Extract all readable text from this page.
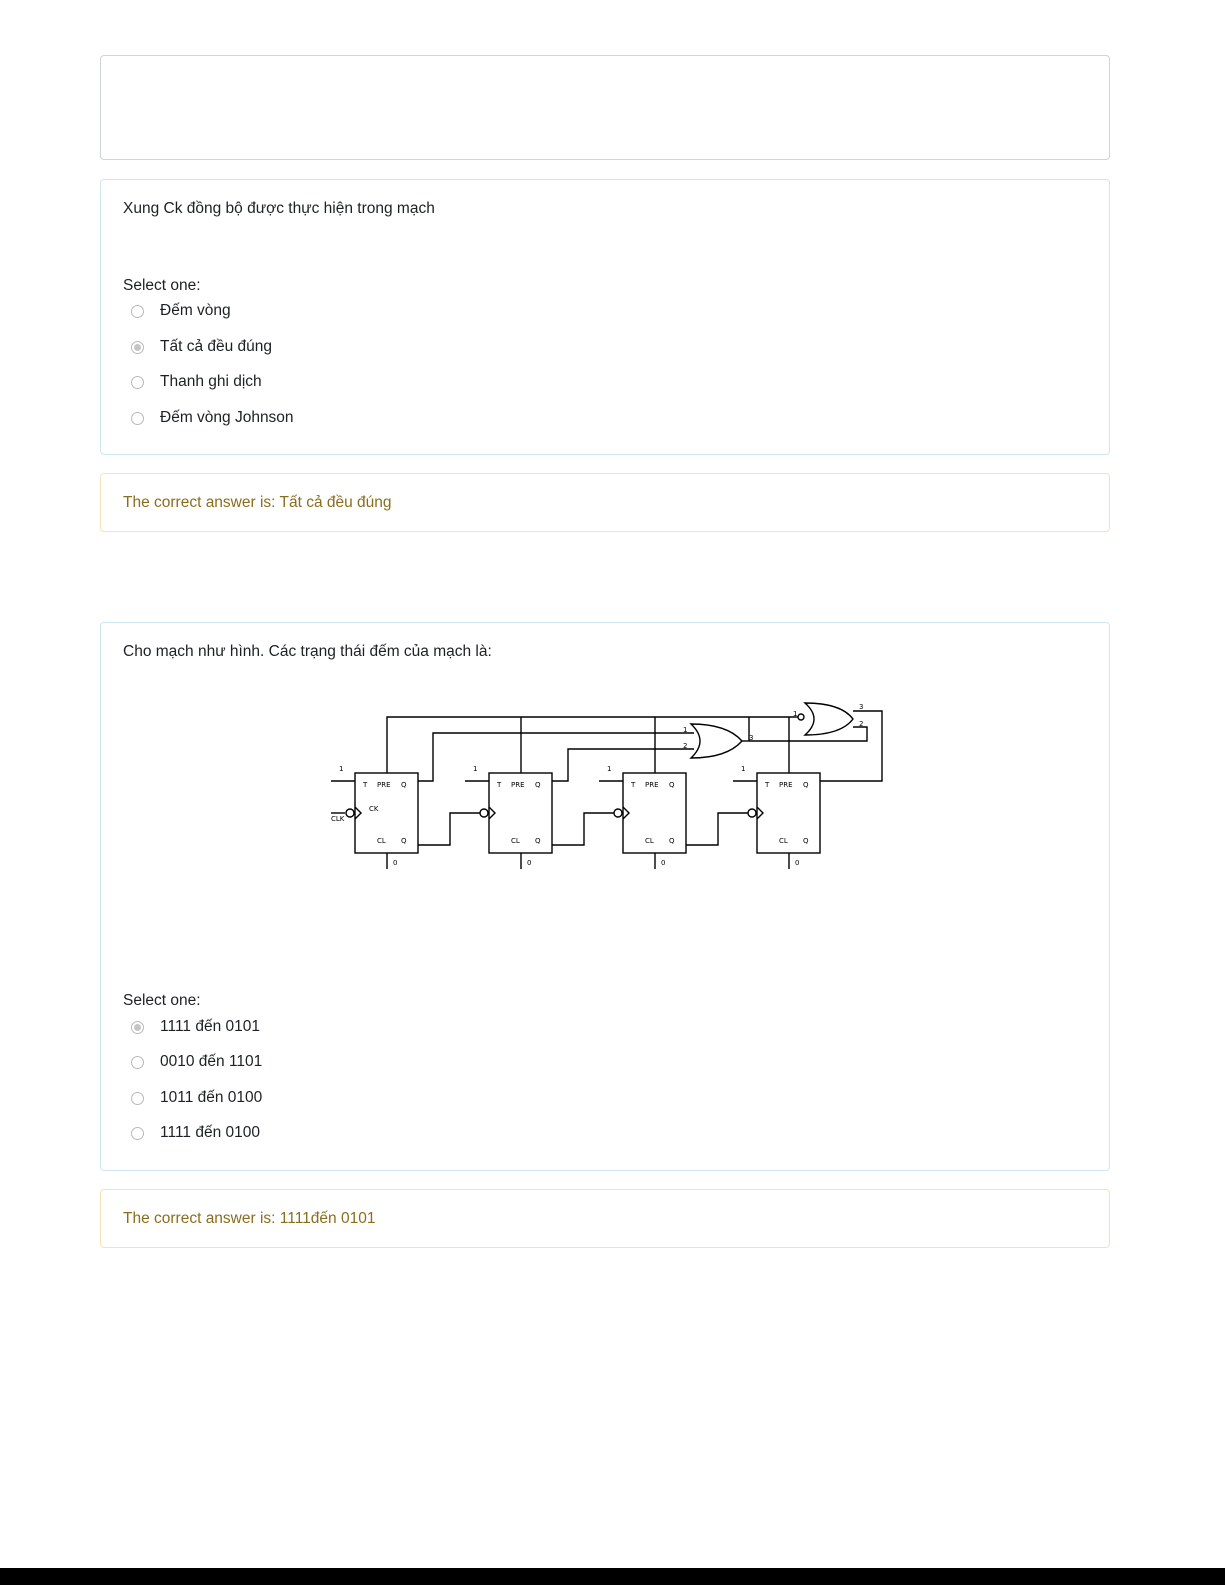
Xung Ck đồng bộ được thực hiện trong mạch
Select one:
Đếm vòng
Tất cả đều đúng
Thanh ghi dịch
Đếm vòng Johnson
The correct answer is: Tất cả đều đúng
Cho mạch như hình. Các trạng thái đếm của mạch là:
T PRE Q
CK
CL Q
T PRE Q
CL Q
T PRE Q
CL Q
T PRE Q
CL Q
1	1	1	1
0	0	0	0
CLK
1
2
3
1
2
3
Select one:
1111 đến 0101
0010 đến 1101
1011 đến 0100
1111 đến 0100
The correct answer is: 1111đến 0101
